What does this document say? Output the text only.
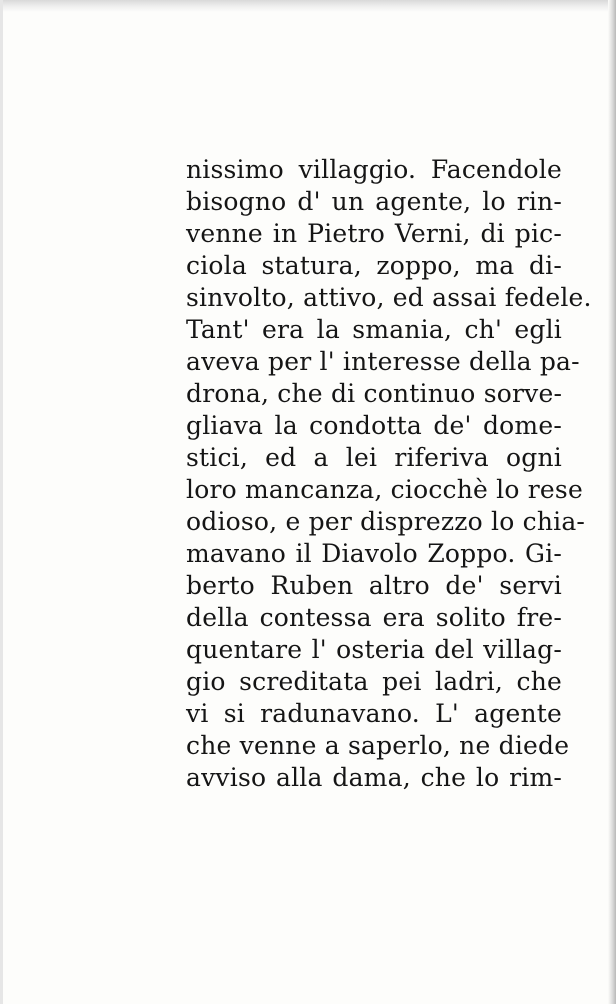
nissimo villaggio. Facendole
bisogno d' un agente, lo rin-
venne in Pietro Verni, di pic-
ciola statura, zoppo, ma di-
sinvolto, attivo, ed assai fedele.
Tant' era la smania, ch' egli
aveva per l' interesse della pa-
drona, che di continuo sorve-
gliava la condotta de' dome-
stici, ed a lei riferiva ogni
loro mancanza, ciocchè lo rese
odioso, e per disprezzo lo chia-
mavano il Diavolo Zoppo. Gi-
berto Ruben altro de' servi
della contessa era solito fre-
quentare l' osteria del villag-
gio screditata pei ladri, che
vi si radunavano. L' agente
che venne a saperlo, ne diede
avviso alla dama, che lo rim-
